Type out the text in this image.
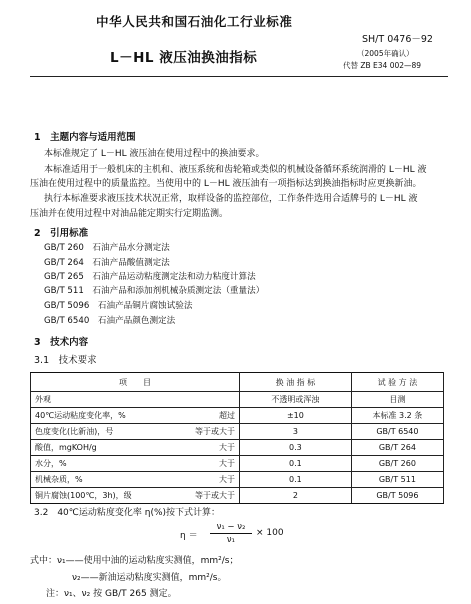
中华人民共和国石油化工行业标准
SH/T 0476－92
L－HL 液压油换油指标	（2005年确认）
代替 ZB E34 002—89
1　主题内容与适用范围
本标准规定了 L－HL 液压油在使用过程中的换油要求。
本标准适用于一般机床的主机和、液压系统和齿轮箱或类似的机械设备循环系统润滑的 L－HL 液
压油在使用过程中的质量监控。当使用中的 L－HL 液压油有一项指标达到换油指标时应更换新油。
执行本标准要求液压技术状况正常，取样设备的监控部位，工作条件选用合适牌号的 L－HL 液
压油并在使用过程中对油品能定期实行定期监测。
2　引用标准
GB/T 260　石油产品水分测定法
GB/T 264　石油产品酸值测定法
GB/T 265　石油产品运动粘度测定法和动力粘度计算法
GB/T 511　石油产品和添加剂机械杂质测定法（重量法）
GB/T 5096　石油产品铜片腐蚀试验法
GB/T 6540　石油产品颜色测定法
3　技术内容
3.1　技术要求
项　　目	换 油 指 标	试 验 方 法

外观	不透明或浑浊	目测

40℃运动粘度变化率，% 超过	±10	本标准 3.2 条

色度变化(比新油)，号 等于或大于	3	GB/T 6540

酸值，mgKOH/g 大于	0.3	GB/T 264

水分，% 大于	0.1	GB/T 260

机械杂质，% 大于	0.1	GB/T 511

铜片腐蚀(100℃，3h)，级 等于或大于	2	GB/T 5096
3.2　40℃运动粘度变化率 η(%)按下式计算：
$\eta = \frac{\text{ν₁ − ν₂}}{\text{ν₁}} \times 100$
式中：ν₁——使用中油的运动粘度实测值，mm²/s；
ν₂——新油运动粘度实测值，mm²/s。
注：ν₁、ν₂ 按 GB/T 265 测定。
